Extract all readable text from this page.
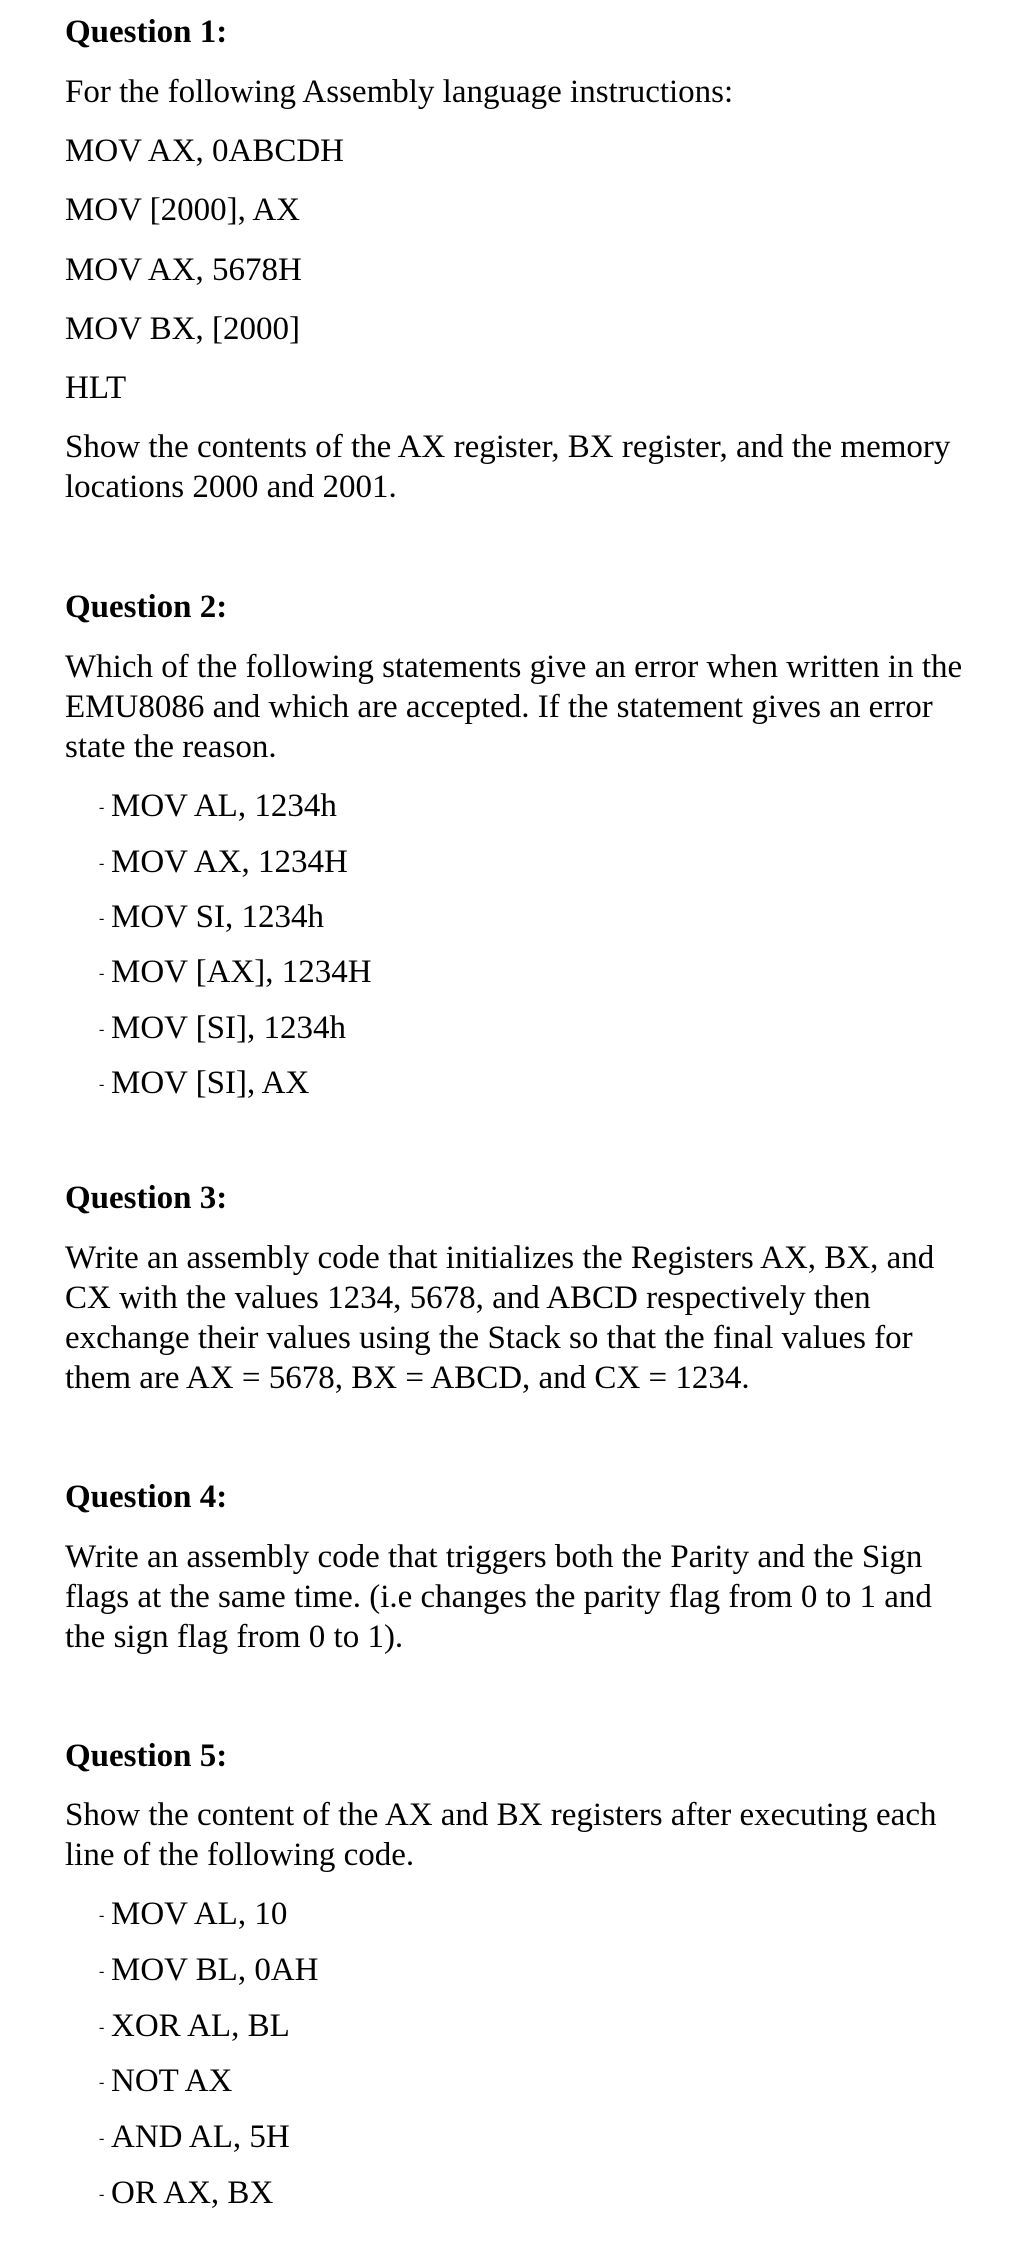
Question 1:
For the following Assembly language instructions:
MOV AX, 0ABCDH
MOV [2000], AX
MOV AX, 5678H
MOV BX, [2000]
HLT
Show the contents of the AX register, BX register, and the memory locations 2000 and 2001.
Question 2:
Which of the following statements give an error when written in the EMU8086 and which are accepted. If the statement gives an error state the reason.
- MOV AL, 1234h
- MOV AX, 1234H
- MOV SI, 1234h
- MOV [AX], 1234H
- MOV [SI], 1234h
- MOV [SI], AX
Question 3:
Write an assembly code that initializes the Registers AX, BX, and CX with the values 1234, 5678, and ABCD respectively then exchange their values using the Stack so that the final values for them are AX = 5678, BX = ABCD, and CX = 1234.
Question 4:
Write an assembly code that triggers both the Parity and the Sign flags at the same time. (i.e changes the parity flag from 0 to 1 and the sign flag from 0 to 1).
Question 5:
Show the content of the AX and BX registers after executing each line of the following code.
- MOV AL, 10
- MOV BL, 0AH
- XOR AL, BL
- NOT AX
- AND AL, 5H
- OR AX, BX
